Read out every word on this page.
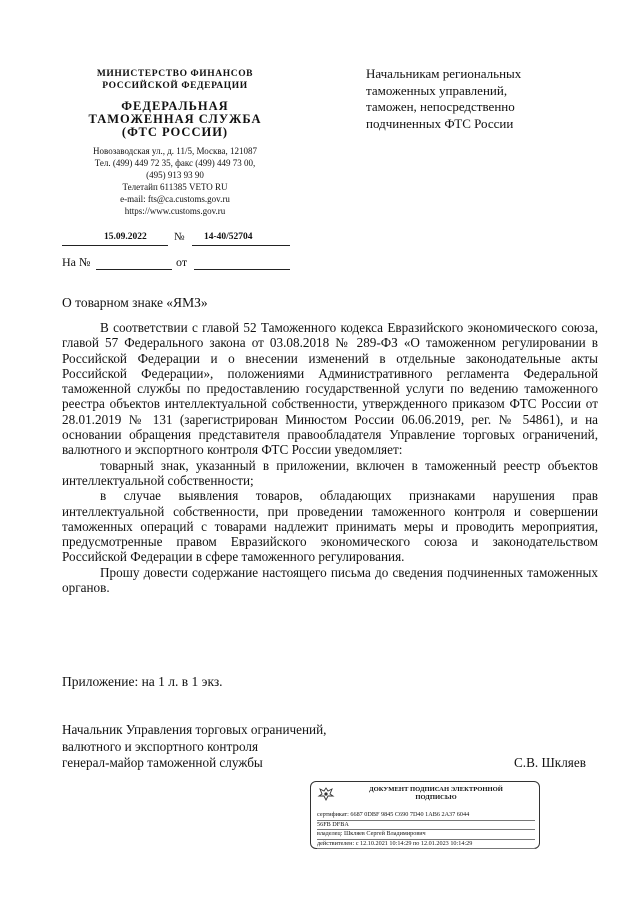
МИНИСТЕРСТВО ФИНАНСОВ
РОССИЙСКОЙ ФЕДЕРАЦИИ
ФЕДЕРАЛЬНАЯ
ТАМОЖЕННАЯ СЛУЖБА
(ФТС РОССИИ)
Новозаводская ул., д. 11/5, Москва, 121087
Тел. (499) 449 72 35, факс (499) 449 73 00,
(495) 913 93 90
Телетайп 611385 VETO RU
e-mail: fts@ca.customs.gov.ru
https://www.customs.gov.ru
15.09.2022 № 14-40/52704
На №	от
Начальникам региональных
таможенных управлений,
таможен, непосредственно
подчиненных ФТС России
О товарном знаке «ЯМЗ»

В соответствии с главой 52 Таможенного кодекса Евразийского экономического союза, главой 57 Федерального закона от 03.08.2018 № 289-ФЗ «О таможенном регулировании в Российской Федерации и о внесении изменений в отдельные законодательные акты Российской Федерации», положениями Административного регламента Федеральной таможенной службы по предоставлению государственной услуги по ведению таможенного реестра объектов интеллектуальной собственности, утвержденного приказом ФТС России от 28.01.2019 № 131 (зарегистрирован Минюстом России 06.06.2019, рег. № 54861), и на основании обращения представителя правообладателя Управление торговых ограничений, валютного и экспортного контроля ФТС России уведомляет:

товарный знак, указанный в приложении, включен в таможенный реестр объектов интеллектуальной собственности;

в случае выявления товаров, обладающих признаками нарушения прав интеллектуальной собственности, при проведении таможенного контроля и совершении таможенных операций с товарами надлежит принимать меры и проводить мероприятия, предусмотренные правом Евразийского экономического союза и законодательством Российской Федерации в сфере таможенного регулирования.

Прошу довести содержание настоящего письма до сведения подчиненных таможенных органов.

Приложение: на 1 л. в 1 экз.
Начальник Управления торговых ограничений,
валютного и экспортного контроля
генерал-майор таможенной службы	С.В. Шкляев
ДОКУМЕНТ ПОДПИСАН ЭЛЕКТРОННОЙ
ПОДПИСЬЮ
сертификат: 6687 0DBF 9845 C690 7D40 1AB6 2A37 6044
56FB DFBA
владелец: Шкляев Сергей Владимирович
действителен: с 12.10.2021 10:14:29 по 12.01.2023 10:14:29
